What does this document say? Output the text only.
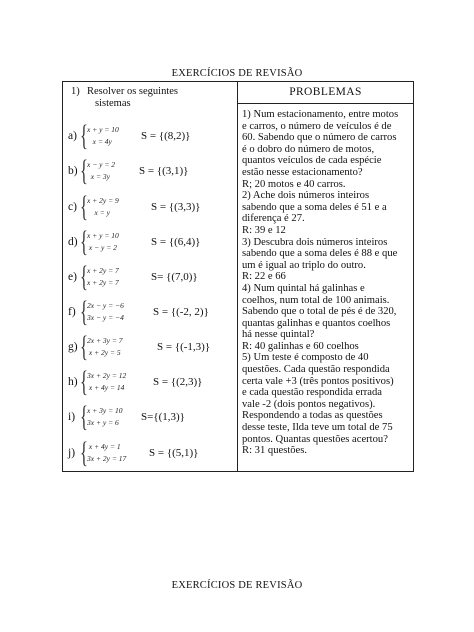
EXERCÍCIOS DE REVISÃO
1) Resolver os seguintes
sistemas
a) { x + y = 10
x = 4y	S = {(8,2)}
b) { x − y = 2
x = 3y	S = {(3,1)}
c) { x + 2y = 9
x = y	S = {(3,3)}
d) { x + y = 10
x − y = 2	S = {(6,4)}
e) { x + 2y = 7
x + 2y = 7	S= {(7,0)}
f) { 2x − y = −6
3x − y = −4	S = {(-2, 2)}
g) { 2x + 3y = 7
x + 2y = 5	S = {(-1,3)}
h) { 3x + 2y = 12
x + 4y = 14	S = {(2,3)}
i) { x + 3y = 10
3x + y = 6	S={(1,3)}
j) { x + 4y = 1
3x + 2y = 17 S = {(5,1)}
PROBLEMAS
1) Num estacionamento, entre motos
e carros, o número de veículos é de
60. Sabendo que o número de carros
é o dobro do número de motos,
quantos veículos de cada espécie
estão nesse estacionamento?
R; 20 motos e 40 carros.
2) Ache dois números inteiros
sabendo que a soma deles é 51 e a
diferença é 27.
R: 39 e 12
3) Descubra dois números inteiros
sabendo que a soma deles é 88 e que
um é igual ao triplo do outro.
R: 22 e 66
4) Num quintal há galinhas e
coelhos, num total de 100 animais.
Sabendo que o total de pés é de 320,
quantas galinhas e quantos coelhos
há nesse quintal?
R: 40 galinhas e 60 coelhos
5) Um teste é composto de 40
questões. Cada questão respondida
certa vale +3 (três pontos positivos)
e cada questão respondida errada
vale -2 (dois pontos negativos).
Respondendo a todas as questões
desse teste, Ilda teve um total de 75
pontos. Quantas questões acertou?
R: 31 questões.
EXERCÍCIOS DE REVISÃO
